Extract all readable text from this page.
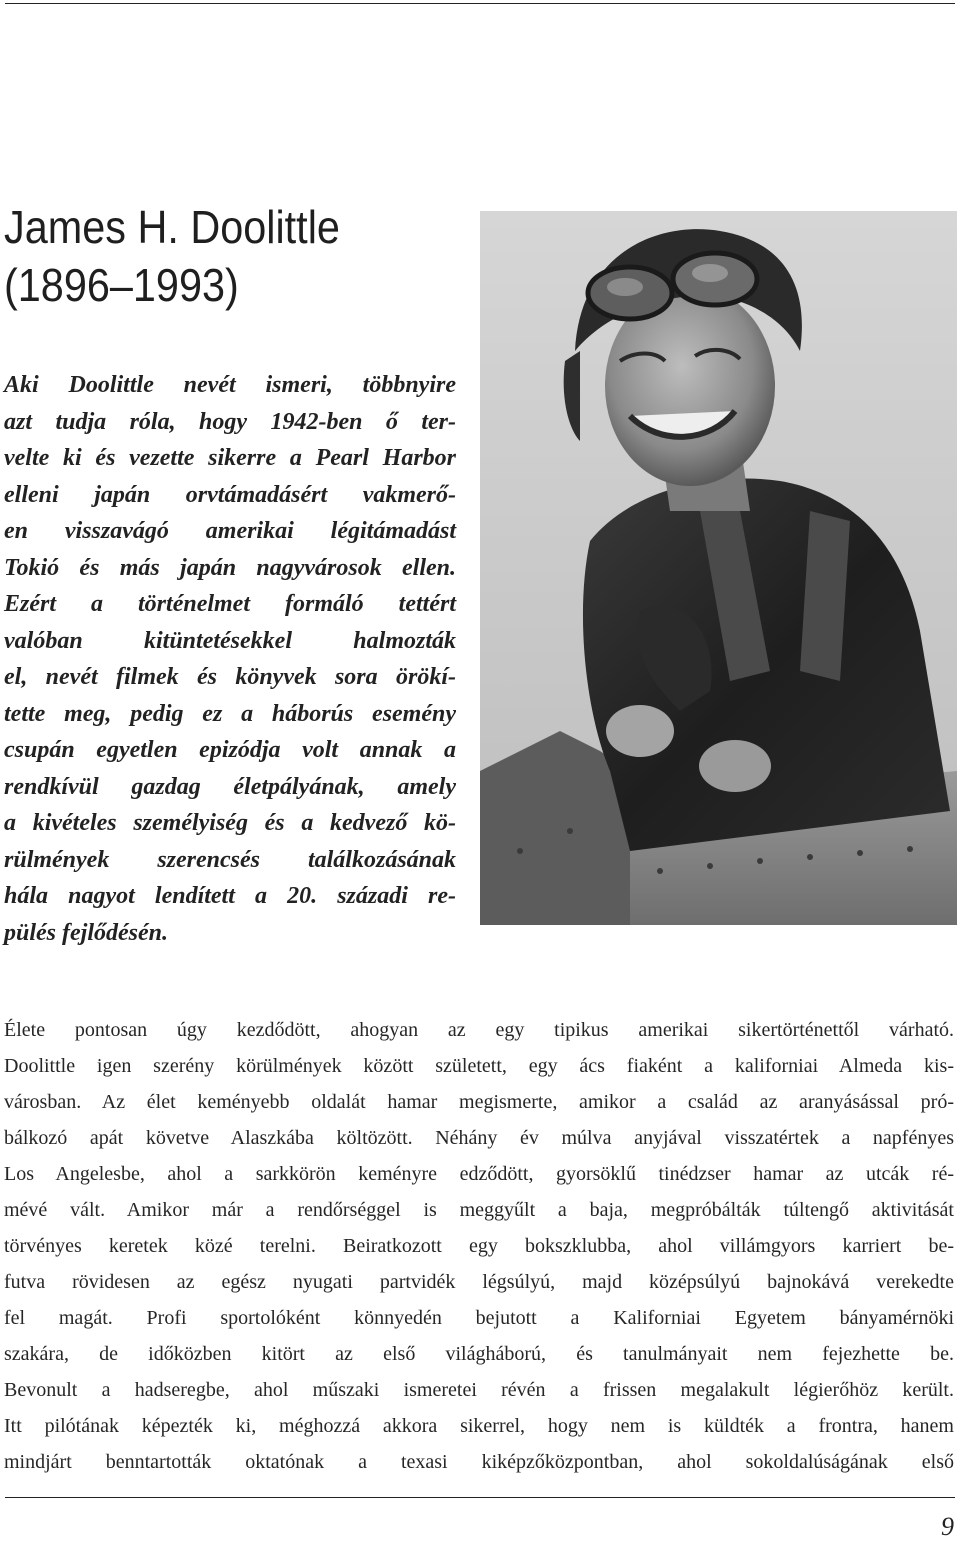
James H. Doolittle
(1896–1993)

Aki Doolittle nevét ismeri, többnyire
azt tudja róla, hogy 1942-ben ő ter-
velte ki és vezette sikerre a Pearl Harbor
elleni japán orvtámadásért vakmerő-
en visszavágó amerikai légitámadást
Tokió és más japán nagyvárosok ellen.
Ezért a történelmet formáló tettért
valóban kitüntetésekkel halmozták
el, nevét filmek és könyvek sora örökí-
tette meg, pedig ez a háborús esemény
csupán egyetlen epizódja volt annak a
rendkívül gazdag életpályának, amely
a kivételes személyiség és a kedvező kö-
rülmények szerencsés találkozásának
hála nagyot lendített a 20. századi re-
pülés fejlődésén.

Élete pontosan úgy kezdődött, ahogyan az egy tipikus amerikai sikertörténettől várható.
Doolittle igen szerény körülmények között született, egy ács fiaként a kaliforniai Almeda kis-
városban. Az élet keményebb oldalát hamar megismerte, amikor a család az aranyásással pró-
bálkozó apát követve Alaszkába költözött. Néhány év múlva anyjával visszatértek a napfényes
Los Angelesbe, ahol a sarkkörön keményre edződött, gyorsöklű tinédzser hamar az utcák ré-
mévé vált. Amikor már a rendőrséggel is meggyűlt a baja, megpróbálták túltengő aktivitását
törvényes keretek közé terelni. Beiratkozott egy bokszklubba, ahol villámgyors karriert be-
futva rövidesen az egész nyugati partvidék légsúlyú, majd középsúlyú bajnokává verekedte
fel magát. Profi sportolóként könnyedén bejutott a Kaliforniai Egyetem bányamérnöki
szakára, de időközben kitört az első világháború, és tanulmányait nem fejezhette be.
Bevonult a hadseregbe, ahol műszaki ismeretei révén a frissen megalakult légierőhöz került.
Itt pilótának képezték ki, méghozzá akkora sikerrel, hogy nem is küldték a frontra, hanem
mindjárt benntartották oktatónak a texasi kiképzőközpontban, ahol sokoldalúságának első

9
